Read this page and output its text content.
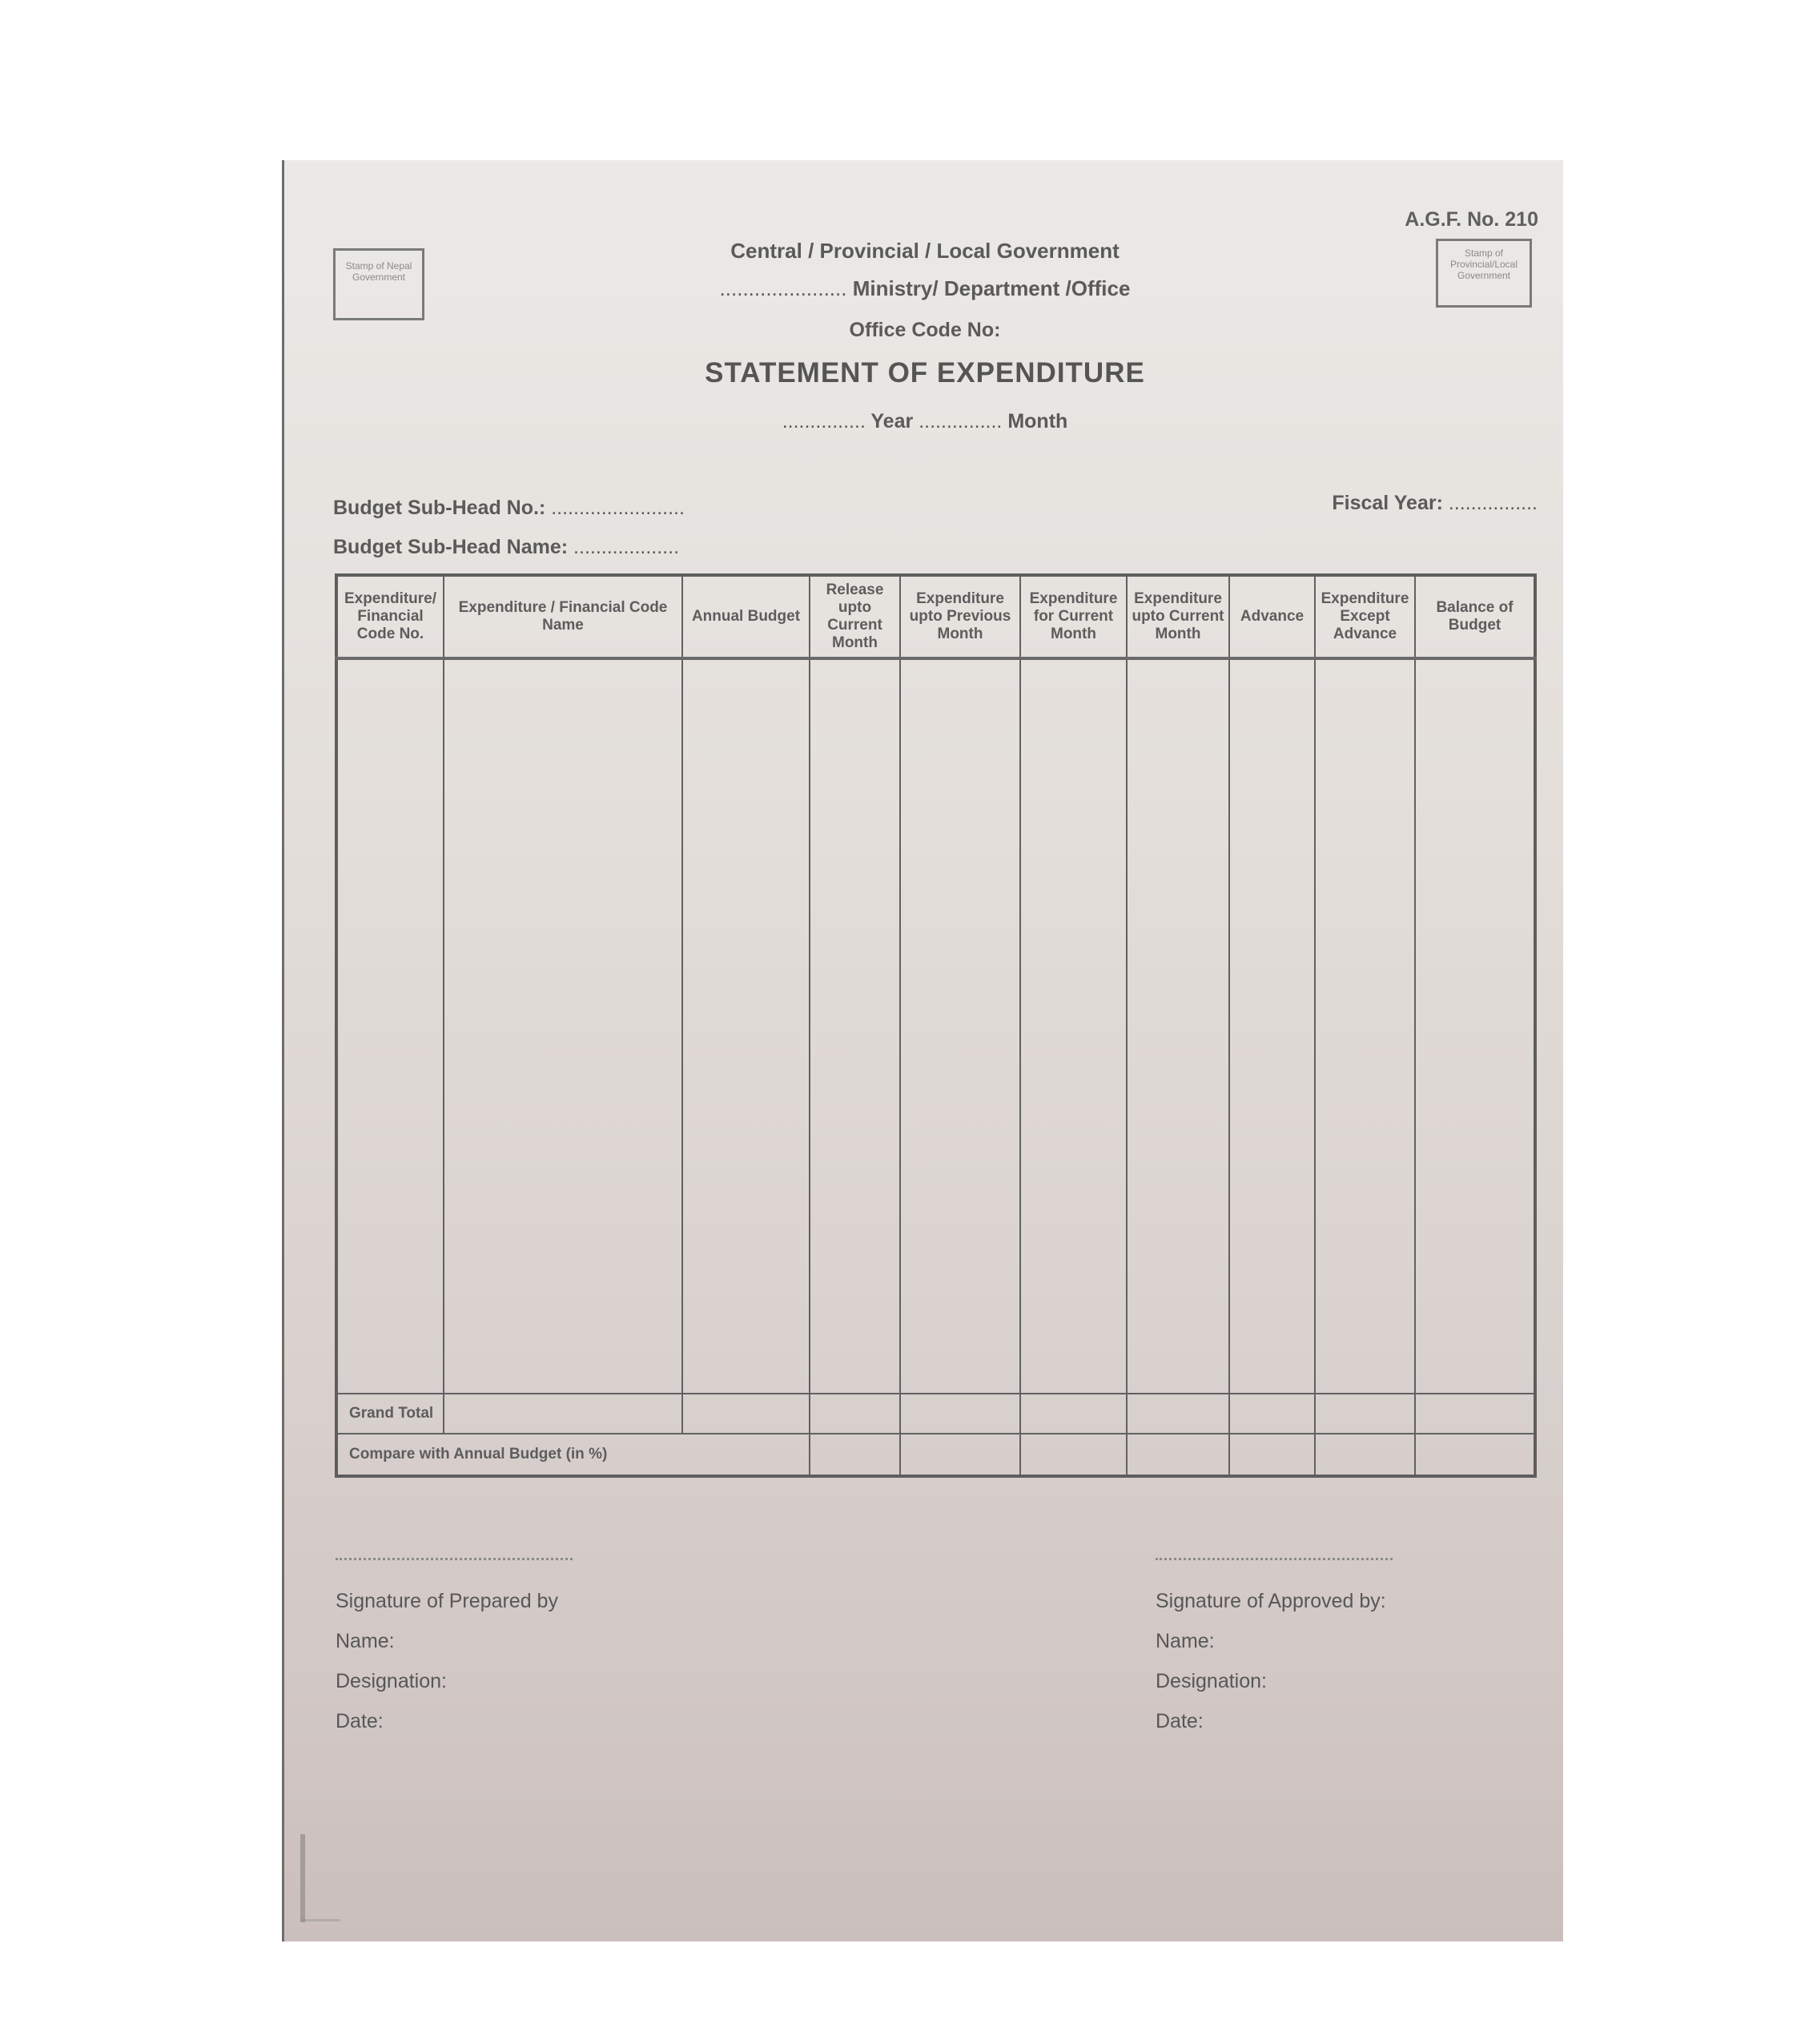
Stamp of Nepal Government
A.G.F. No. 210
Stamp of Provincial/Local Government
Central / Provincial / Local Government
...................... Ministry/ Department /Office
Office Code No:
STATEMENT OF EXPENDITURE
............... Year ............... Month
Budget Sub-Head No.: ........................
Budget Sub-Head Name: ...................
Fiscal Year: ................
Expenditure/ Financial Code No.	Expenditure / Financial Code Name	Annual Budget	Release upto Current Month	Expenditure upto Previous Month	Expenditure for Current Month	Expenditure upto Current Month	Advance	Expenditure Except Advance	Balance of Budget

Grand Total									
Compare with Annual Budget (in %)									
Signature of Prepared by
Name:
Designation:
Date:
Signature of Approved by:
Name:
Designation:
Date:
